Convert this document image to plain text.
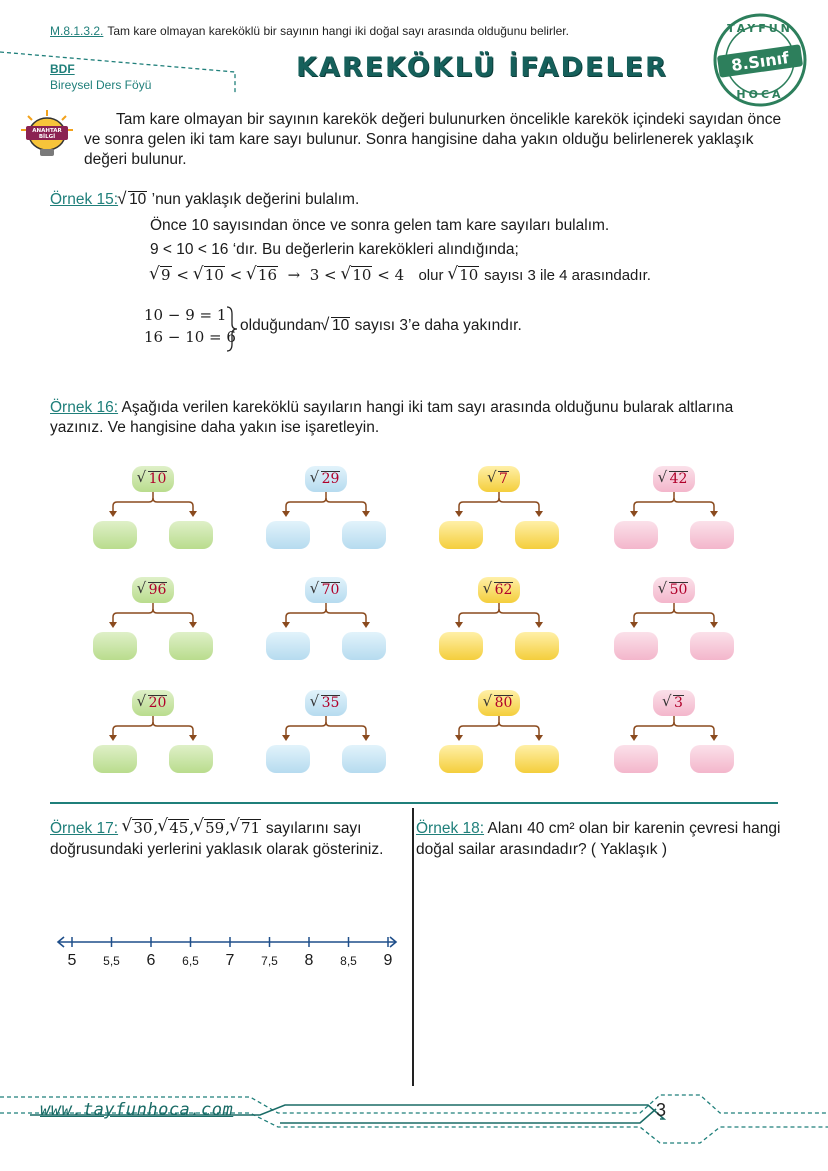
M.8.1.3.2. Tam kare olmayan kareköklü bir sayının hangi iki doğal sayı arasında olduğunu belirler.
BDF
Bireysel Ders Föyü
KAREKÖKLÜ İFADELER
TAYFUN
8.Sınıf
HOCA
ANAHTAR
BİLGİ
Tam kare olmayan bir sayının karekök değeri bulunurken öncelikle karekök içindeki sayıdan önce ve sonra gelen iki tam kare sayı bulunur. Sonra hangisine daha yakın olduğu belirlenerek yaklaşık değeri bulunur.
Örnek 15: √ 10 ’nun yaklaşık değerini bulalım.
Önce 10 sayısından önce ve sonra gelen tam kare sayıları bulalım.
9 < 10 < 16 ‘dır. Bu değerlerin karekökleri alındığında;
√ 9 < √ 10 < √ 16 → 3 < √ 10 < 4 olur √ 10 sayısı 3 ile 4 arasındadır.
10 − 9 = 1
16 − 10 = 6
olduğundan √ 10 sayısı 3’e daha yakındır.
Örnek 16: Aşağıda verilen kareköklü sayıların hangi iki tam sayı arasında olduğunu bularak altlarına yazınız. Ve hangisine daha yakın ise işaretleyin.
√ 10	√ 29	√ 7	√ 42
√ 96	√ 70	√ 62	√ 50
√ 20	√ 35	√ 80	√ 3
Örnek 17: √ 30, √ 45, √ 59, √ 71 sayılarını sayı doğrusundaki yerlerini yaklasık olarak gösteriniz.
5 5,5 6 6,5 7 7,5 8 8,5 9
Örnek 18: Alanı 40 cm² olan bir karenin çevresi hangi doğal sailar arasındadır? ( Yaklaşık )
www.tayfunhoca.com	3
